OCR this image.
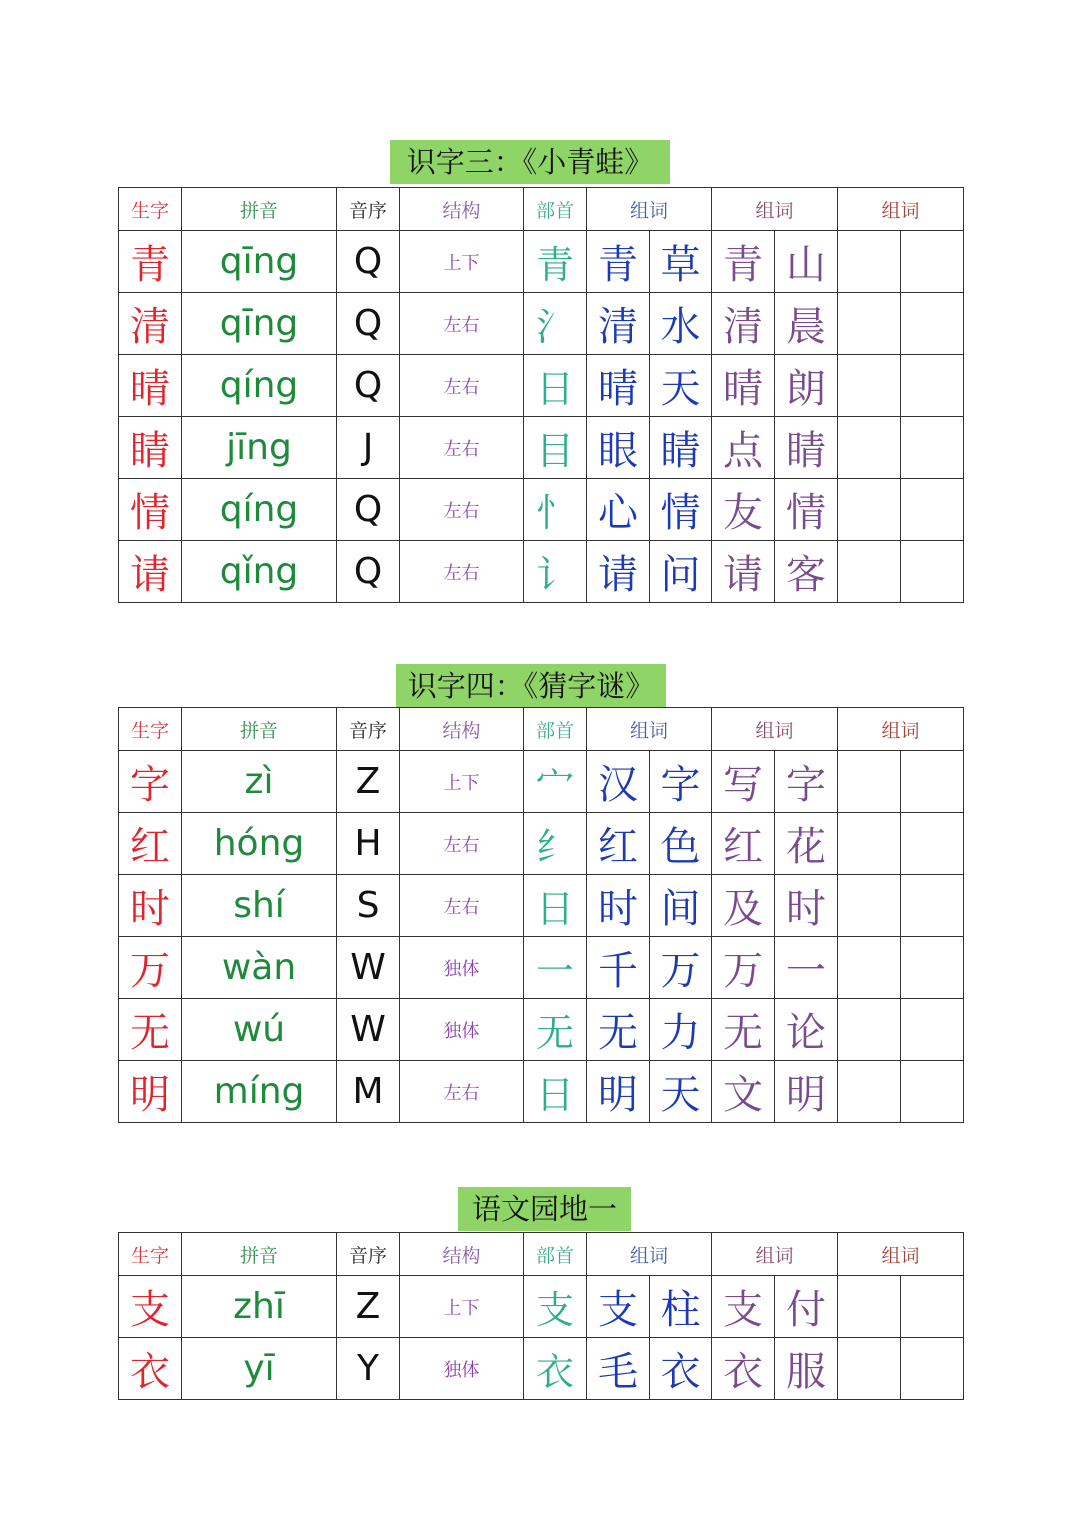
识字三：《小青蛙》
生字	拼音	音序	结构	部首	组词		组词		组词	
青	qīng	Q	上下	青	青	草	青	山		
清	qīng	Q	左右	氵	清	水	清	晨		
晴	qíng	Q	左右	日	晴	天	晴	朗		
睛	jīng	J	左右	目	眼	睛	点	睛		
情	qíng	Q	左右	忄	心	情	友	情		
请	qǐng	Q	左右	讠	请	问	请	客		
识字四：《猜字谜》
生字	拼音	音序	结构	部首	组词		组词		组词	
字	zì	Z	上下	宀	汉	字	写	字		
红	hóng	H	左右	纟	红	色	红	花		
时	shí	S	左右	日	时	间	及	时		
万	wàn	W	独体	一	千	万	万	一		
无	wú	W	独体	无	无	力	无	论		
明	míng	M	左右	日	明	天	文	明		
语文园地一
生字	拼音	音序	结构	部首	组词		组词		组词	
支	zhī	Z	上下	支	支	柱	支	付		
衣	yī	Y	独体	衣	毛	衣	衣	服		
